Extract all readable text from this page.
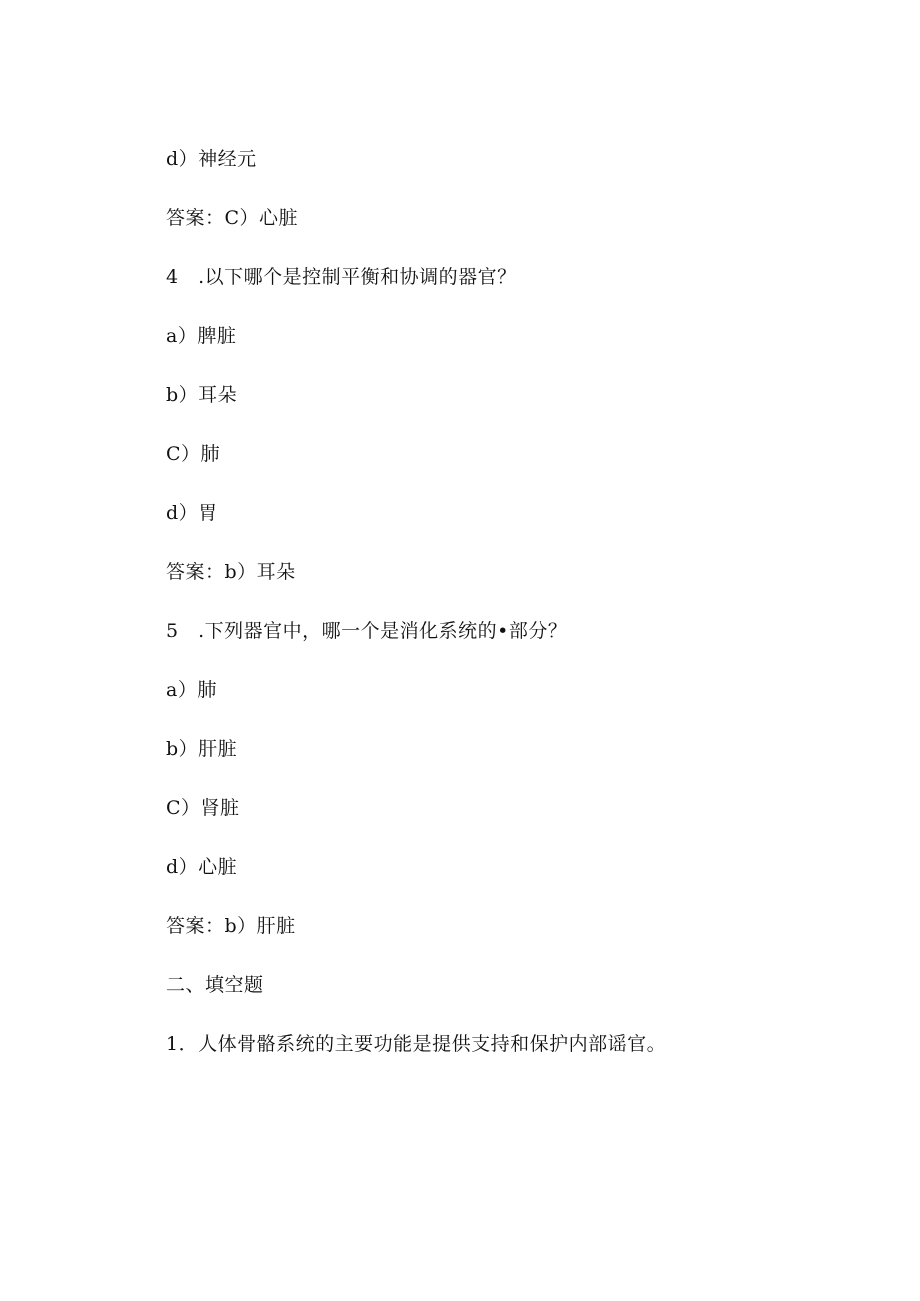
d）神经元
答案：C）心脏
4 .以下哪个是控制平衡和协调的器官？
a）脾脏
b）耳朵
C）肺
d）胃
答案：b）耳朵
5 .下列器官中，哪一个是消化系统的•部分？
a）肺
b）肝脏
C）肾脏
d）心脏
答案：b）肝脏
二、填空题
1．人体骨骼系统的主要功能是提供支持和保护内部谣官。
